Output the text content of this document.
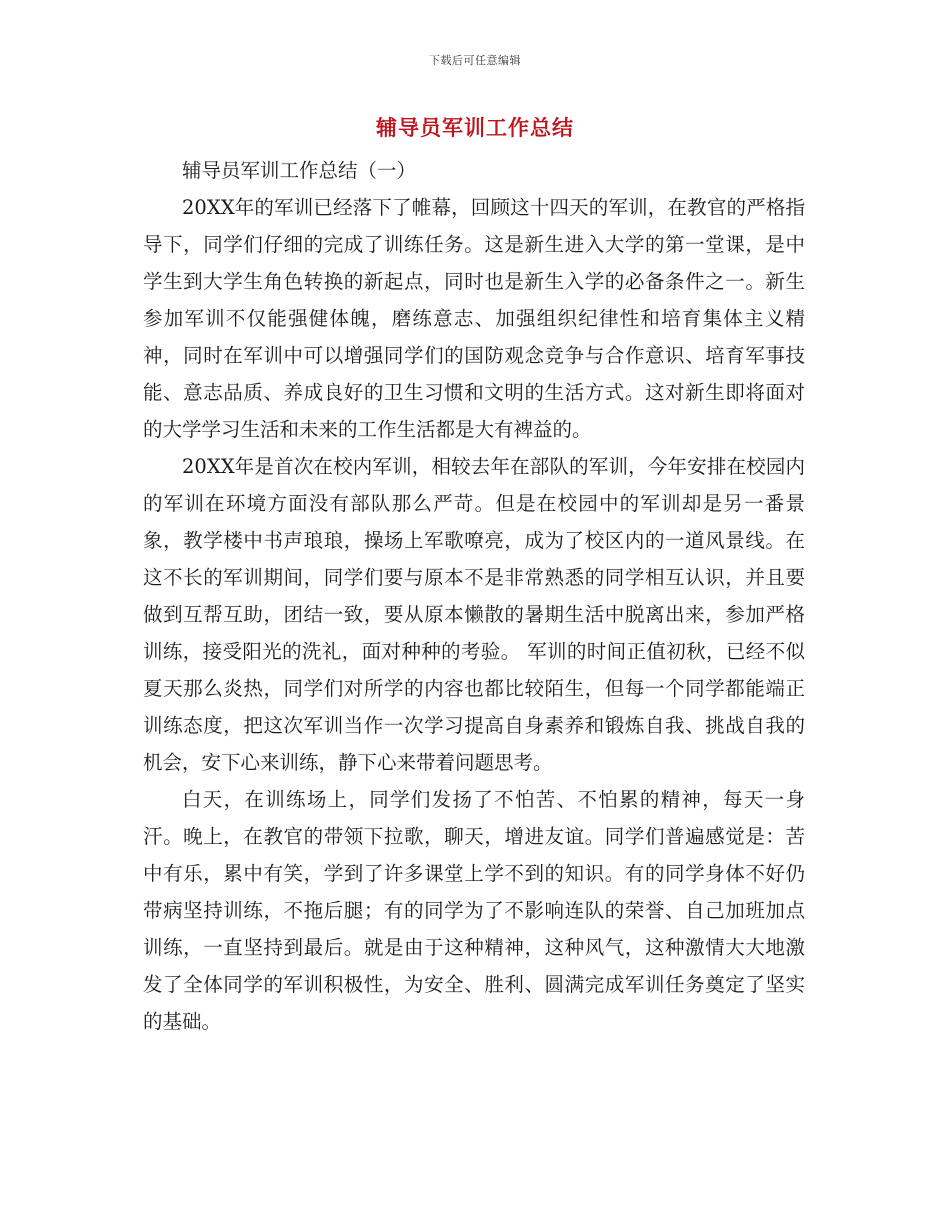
下载后可任意编辑
辅导员军训工作总结

辅导员军训工作总结（一）

20XX年的军训已经落下了帷幕，回顾这十四天的军训，在教官的严格指导下，同学们仔细的完成了训练任务。这是新生进入大学的第一堂课，是中学生到大学生角色转换的新起点，同时也是新生入学的必备条件之一。新生参加军训不仅能强健体魄，磨练意志、加强组织纪律性和培育集体主义精神，同时在军训中可以增强同学们的国防观念竞争与合作意识、培育军事技能、意志品质、养成良好的卫生习惯和文明的生活方式。这对新生即将面对的大学学习生活和未来的工作生活都是大有裨益的。

20XX年是首次在校内军训，相较去年在部队的军训，今年安排在校园内的军训在环境方面没有部队那么严苛。但是在校园中的军训却是另一番景象，教学楼中书声琅琅，操场上军歌嘹亮，成为了校区内的一道风景线。在这不长的军训期间，同学们要与原本不是非常熟悉的同学相互认识，并且要做到互帮互助，团结一致，要从原本懒散的暑期生活中脱离出来，参加严格训练，接受阳光的洗礼，面对种种的考验。 军训的时间正值初秋，已经不似夏天那么炎热，同学们对所学的内容也都比较陌生，但每一个同学都能端正训练态度，把这次军训当作一次学习提高自身素养和锻炼自我、挑战自我的机会，安下心来训练，静下心来带着问题思考。

白天，在训练场上，同学们发扬了不怕苦、不怕累的精神，每天一身汗。晚上，在教官的带领下拉歌，聊天，增进友谊。同学们普遍感觉是：苦中有乐，累中有笑，学到了许多课堂上学不到的知识。有的同学身体不好仍带病坚持训练，不拖后腿；有的同学为了不影响连队的荣誉、自己加班加点训练，一直坚持到最后。就是由于这种精神，这种风气，这种激情大大地激发了全体同学的军训积极性，为安全、胜利、圆满完成军训任务奠定了坚实的基础。
